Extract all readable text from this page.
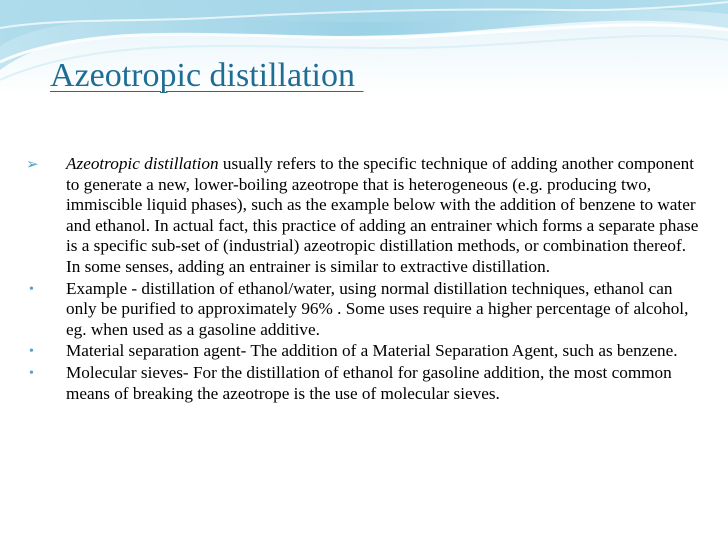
Azeotropic distillation
➢	Azeotropic distillation usually refers to the specific technique of adding another component to generate a new, lower-boiling azeotrope that is heterogeneous (e.g. producing two, immiscible liquid phases), such as the example below with the addition of benzene to water and ethanol. In actual fact, this practice of adding an entrainer which forms a separate phase is a specific sub-set of (industrial) azeotropic distillation methods, or combination thereof. In some senses, adding an entrainer is similar to extractive distillation.
•	Example - distillation of ethanol/water, using normal distillation techniques, ethanol can only be purified to approximately 96% . Some uses require a higher percentage of alcohol, eg. when used as a gasoline additive.
•	Material separation agent- The addition of a Material Separation Agent, such as benzene.
•	Molecular sieves- For the distillation of ethanol for gasoline addition, the most common means of breaking the azeotrope is the use of molecular sieves.
